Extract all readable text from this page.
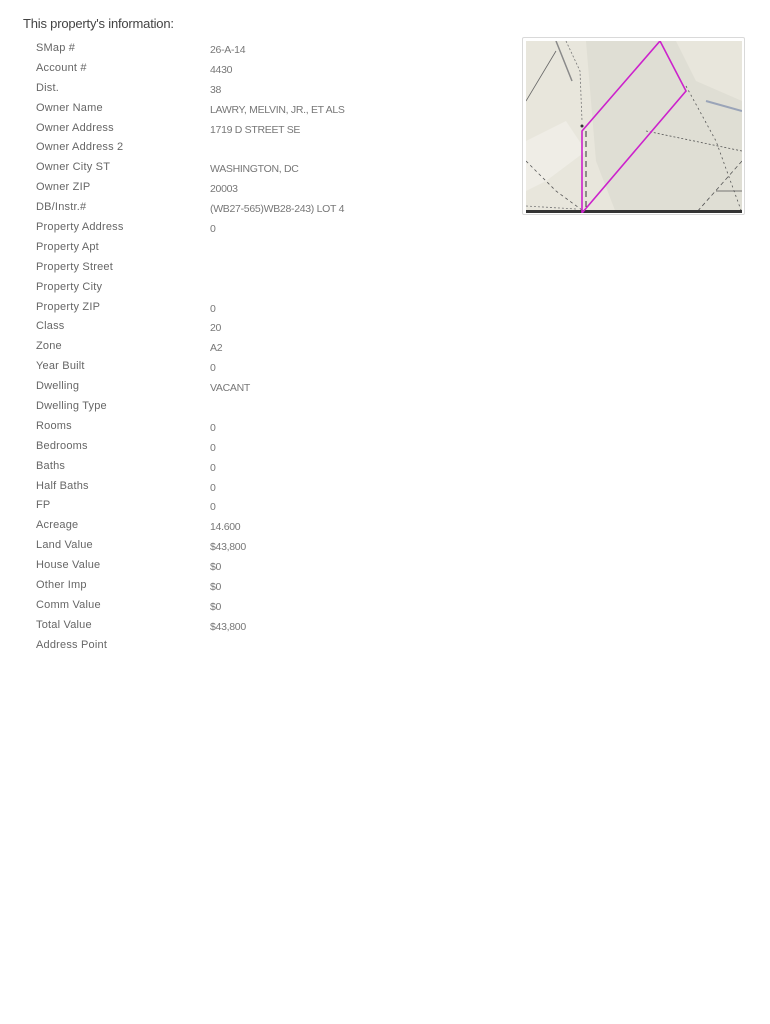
This property's information:
SMap #	26-A-14
Account #	4430
Dist.	38
Owner Name	LAWRY, MELVIN, JR., ET ALS
Owner Address	1719 D STREET SE
Owner Address 2
Owner City ST	WASHINGTON, DC
Owner ZIP	20003
DB/Instr.#	(WB27-565)WB28-243) LOT 4
Property Address	0
Property Apt
Property Street
Property City
Property ZIP	0
Class	20
Zone	A2
Year Built	0
Dwelling	VACANT
Dwelling Type
Rooms	0
Bedrooms	0
Baths	0
Half Baths	0
FP	0
Acreage	14.600
Land Value	$43,800
House Value	$0
Other Imp	$0
Comm Value	$0
Total Value	$43,800
Address Point
